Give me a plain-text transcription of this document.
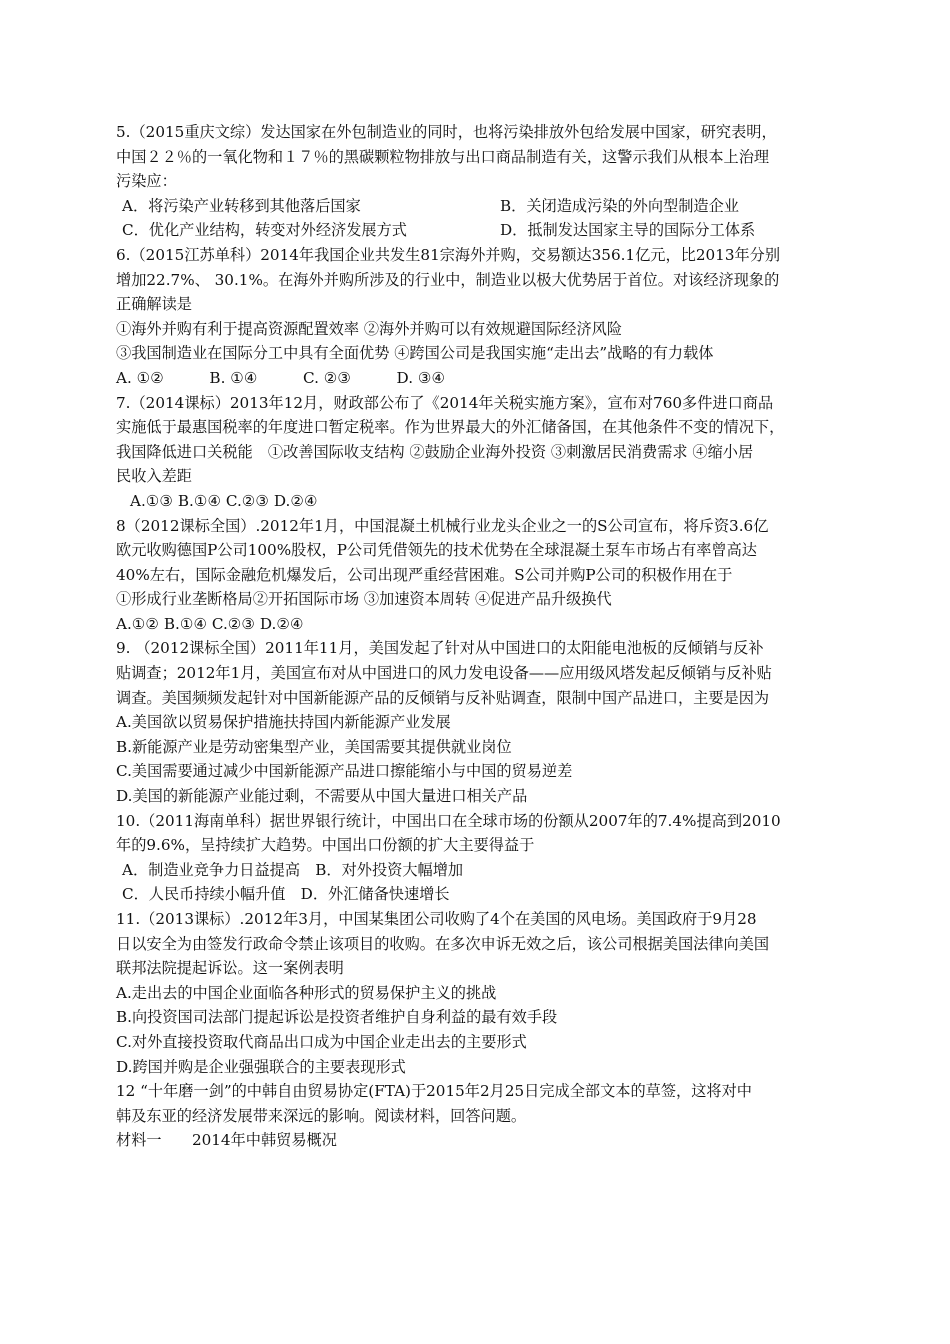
5.（2015重庆文综）发达国家在外包制造业的同时，也将污染排放外包给发展中国家，研究表明，
中国２２％的一氧化物和１７％的黑碳颗粒物排放与出口商品制造有关，这警示我们从根本上治理
污染应：
A．将污染产业转移到其他落后国家	B．关闭造成污染的外向型制造企业
C．优化产业结构，转变对外经济发展方式	D．抵制发达国家主导的国际分工体系
6.（2015江苏单科）2014年我国企业共发生81宗海外并购，交易额达356.1亿元，比2013年分别
增加22.7%、 30.1%。在海外并购所涉及的行业中，制造业以极大优势居于首位。对该经济现象的
正确解读是
①海外并购有利于提高资源配置效率 ②海外并购可以有效规避国际经济风险
③我国制造业在国际分工中具有全面优势 ④跨国公司是我国实施“走出去”战略的有力载体
A. ①②　　　B. ①④　　　C. ②③　　　D. ③④
7.（2014课标）2013年12月，财政部公布了《2014年关税实施方案》，宣布对760多件进口商品
实施低于最惠国税率的年度进口暂定税率。作为世界最大的外汇储备国，在其他条件不变的情况下，
我国降低进口关税能　①改善国际收支结构 ②鼓励企业海外投资 ③刺激居民消费需求 ④缩小居
民收入差距
A.①③ B.①④ C.②③ D.②④
8（2012课标全国）.2012年1月，中国混凝土机械行业龙头企业之一的S公司宣布，将斥资3.6亿
欧元收购德国P公司100%股权，P公司凭借领先的技术优势在全球混凝土泵车市场占有率曾高达
40%左右，国际金融危机爆发后，公司出现严重经营困难。S公司并购P公司的积极作用在于
①形成行业垄断格局②开拓国际市场 ③加速资本周转 ④促进产品升级换代
A.①② B.①④ C.②③ D.②④
9. （2012课标全国）2011年11月，美国发起了针对从中国进口的太阳能电池板的反倾销与反补
贴调查；2012年1月，美国宣布对从中国进口的风力发电设备——应用级风塔发起反倾销与反补贴
调查。美国频频发起针对中国新能源产品的反倾销与反补贴调查，限制中国产品进口，主要是因为
A.美国欲以贸易保护措施扶持国内新能源产业发展
B.新能源产业是劳动密集型产业，美国需要其提供就业岗位
C.美国需要通过减少中国新能源产品进口擦能缩小与中国的贸易逆差
D.美国的新能源产业能过剩，不需要从中国大量进口相关产品
10.（2011海南单科）据世界银行统计，中国出口在全球市场的份额从2007年的7.4%提高到2010
年的9.6%，呈持续扩大趋势。中国出口份额的扩大主要得益于
A．制造业竞争力日益提高　B．对外投资大幅增加
C．人民币持续小幅升值　D．外汇储备快速增长
11.（2013课标）.2012年3月，中国某集团公司收购了4个在美国的风电场。美国政府于9月28
日以安全为由签发行政命令禁止该项目的收购。在多次申诉无效之后，该公司根据美国法律向美国
联邦法院提起诉讼。这一案例表明
A.走出去的中国企业面临各种形式的贸易保护主义的挑战
B.向投资国司法部门提起诉讼是投资者维护自身利益的最有效手段
C.对外直接投资取代商品出口成为中国企业走出去的主要形式
D.跨国并购是企业强强联合的主要表现形式
12 “十年磨一剑”的中韩自由贸易协定(FTA)于2015年2月25日完成全部文本的草签，这将对中
韩及东亚的经济发展带来深远的影响。阅读材料，回答问题。
材料一　　2014年中韩贸易概况
